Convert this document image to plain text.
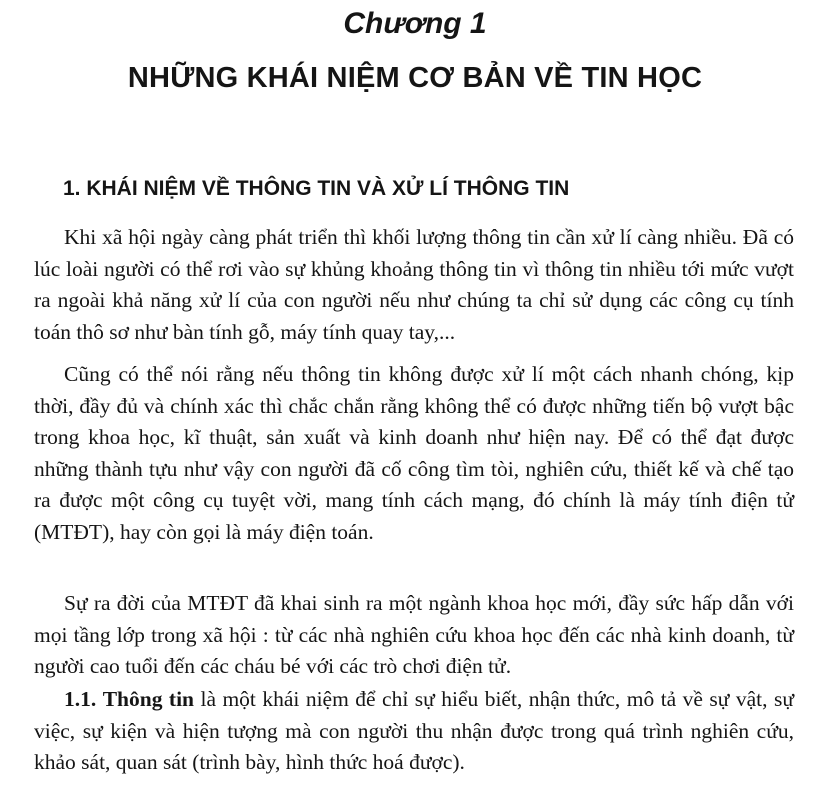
Chương 1
NHỮNG KHÁI NIỆM CƠ BẢN VỀ TIN HỌC
1. KHÁI NIỆM VỀ THÔNG TIN VÀ XỬ LÍ THÔNG TIN

Khi xã hội ngày càng phát triển thì khối lượng thông tin cần xử lí càng nhiều. Đã có lúc loài người có thể rơi vào sự khủng khoảng thông tin vì thông tin nhiều tới mức vượt ra ngoài khả năng xử lí của con người nếu như chúng ta chỉ sử dụng các công cụ tính toán thô sơ như bàn tính gỗ, máy tính quay tay,...

Cũng có thể nói rằng nếu thông tin không được xử lí một cách nhanh chóng, kịp thời, đầy đủ và chính xác thì chắc chắn rằng không thể có được những tiến bộ vượt bậc trong khoa học, kĩ thuật, sản xuất và kinh doanh như hiện nay. Để có thể đạt được những thành tựu như vậy con người đã cố công tìm tòi, nghiên cứu, thiết kế và chế tạo ra được một công cụ tuyệt vời, mang tính cách mạng, đó chính là máy tính điện tử (MTĐT), hay còn gọi là máy điện toán.

Sự ra đời của MTĐT đã khai sinh ra một ngành khoa học mới, đầy sức hấp dẫn với mọi tầng lớp trong xã hội : từ các nhà nghiên cứu khoa học đến các nhà kinh doanh, từ người cao tuổi đến các cháu bé với các trò chơi điện tử.

1.1. Thông tin là một khái niệm để chỉ sự hiểu biết, nhận thức, mô tả về sự vật, sự việc, sự kiện và hiện tượng mà con người thu nhận được trong quá trình nghiên cứu, khảo sát, quan sát (trình bày, hình thức hoá được).
